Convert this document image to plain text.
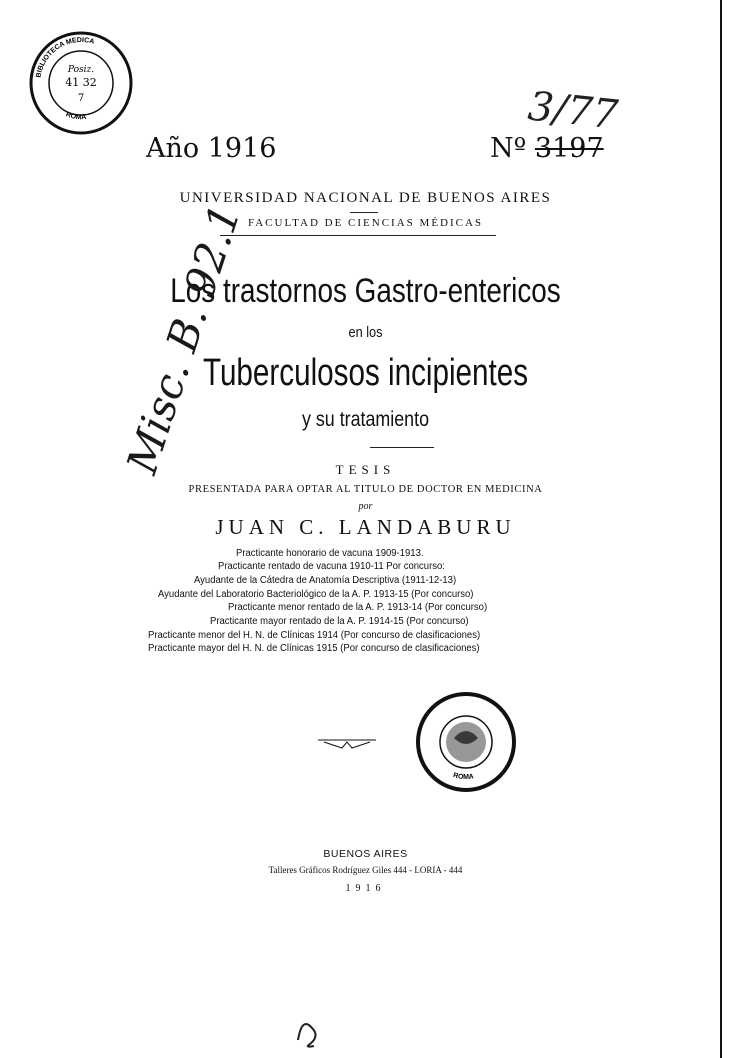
BIBLIOTECA MEDICA
ROMA
Posiz.
41 32
7	3/77
Año 1916	Nº 3197
UNIVERSIDAD NACIONAL DE BUENOS AIRES
FACULTAD DE CIENCIAS MÉDICAS
Los trastornos Gastro-entericos
en los
Tuberculosos incipientes
y su tratamiento
TESIS
PRESENTADA PARA OPTAR AL TITULO DE DOCTOR EN MEDICINA
por
JUAN C. LANDABURU
Practicante honorario de vacuna 1909-1913.
Practicante rentado de vacuna 1910-11 Por concurso:
Ayudante de la Cátedra de Anatomía Descriptiva (1911-12-13)
Ayudante del Laboratorio Bacteriológico de la A. P. 1913-15 (Por concurso)
Practicante menor rentado de la A. P. 1913-14 (Por concurso)
Practicante mayor rentado de la A. P. 1914-15 (Por concurso)
Practicante menor del H. N. de Clínicas 1914 (Por concurso de clasificaciones)
Practicante mayor del H. N. de Clínicas 1915 (Por concurso de clasificaciones)
ROMA
BUENOS AIRES
Talleres Gráficos Rodríguez Giles 444 - LORIA - 444
1916
Misc. B. 92.1
